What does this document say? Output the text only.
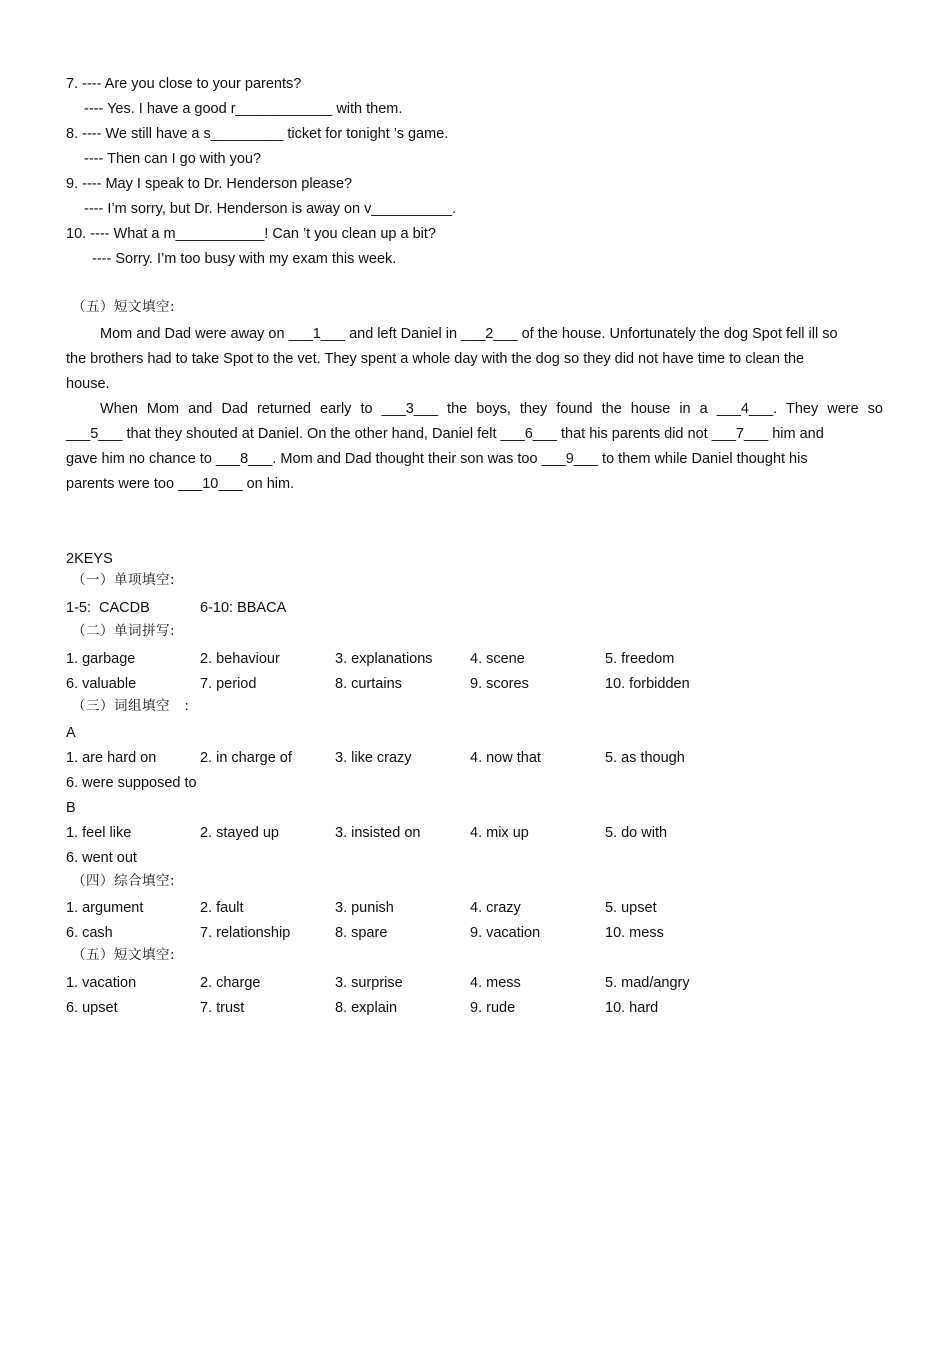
7. ---- Are you close to your parents?
---- Yes. I have a good r____________ with them.
8. ---- We still have a s_________ ticket for tonight ’s game.
---- Then can I go with you?
9. ---- May I speak to Dr. Henderson please?
---- I’m sorry, but Dr. Henderson is away on v__________.
10. ---- What a m___________! Can ’t you clean up a bit?
---- Sorry. I’m too busy with my exam this week.
（五）短文填空:
Mom and Dad were away on ___1___ and left Daniel in ___2___ of the house. Unfortunately the dog Spot fell ill so
the brothers had to take Spot to the vet. They spent a whole day with the dog so they did not have time to clean the
house.
When Mom and Dad returned early to ___3___ the boys, they found the house in a ___4___. They were so
___5___ that they shouted at Daniel. On the other hand, Daniel felt ___6___ that his parents did not ___7___ him and
gave him no chance to ___8___. Mom and Dad thought their son was too ___9___ to them while Daniel thought his
parents were too ___10___ on him.
2KEYS
（一）单项填空:
1-5:  CACDB	6-10: BBACA
（二）单词拼写:
1. garbage	2. behaviour	3. explanations	4. scene	5. freedom
6. valuable	7. period	8. curtains	9. scores	10. forbidden
（三）词组填空   :
A
1. are hard on	2. in charge of	3. like crazy	4. now that	5. as though
6. were supposed to
B
1. feel like	2. stayed up	3. insisted on	4. mix up	5. do with
6. went out
（四）综合填空:
1. argument	2. fault	3. punish	4. crazy	5. upset
6. cash	7. relationship	8. spare	9. vacation	10. mess
（五）短文填空:
1. vacation	2. charge	3. surprise	4. mess	5. mad/angry
6. upset	7. trust	8. explain	9. rude	10. hard
